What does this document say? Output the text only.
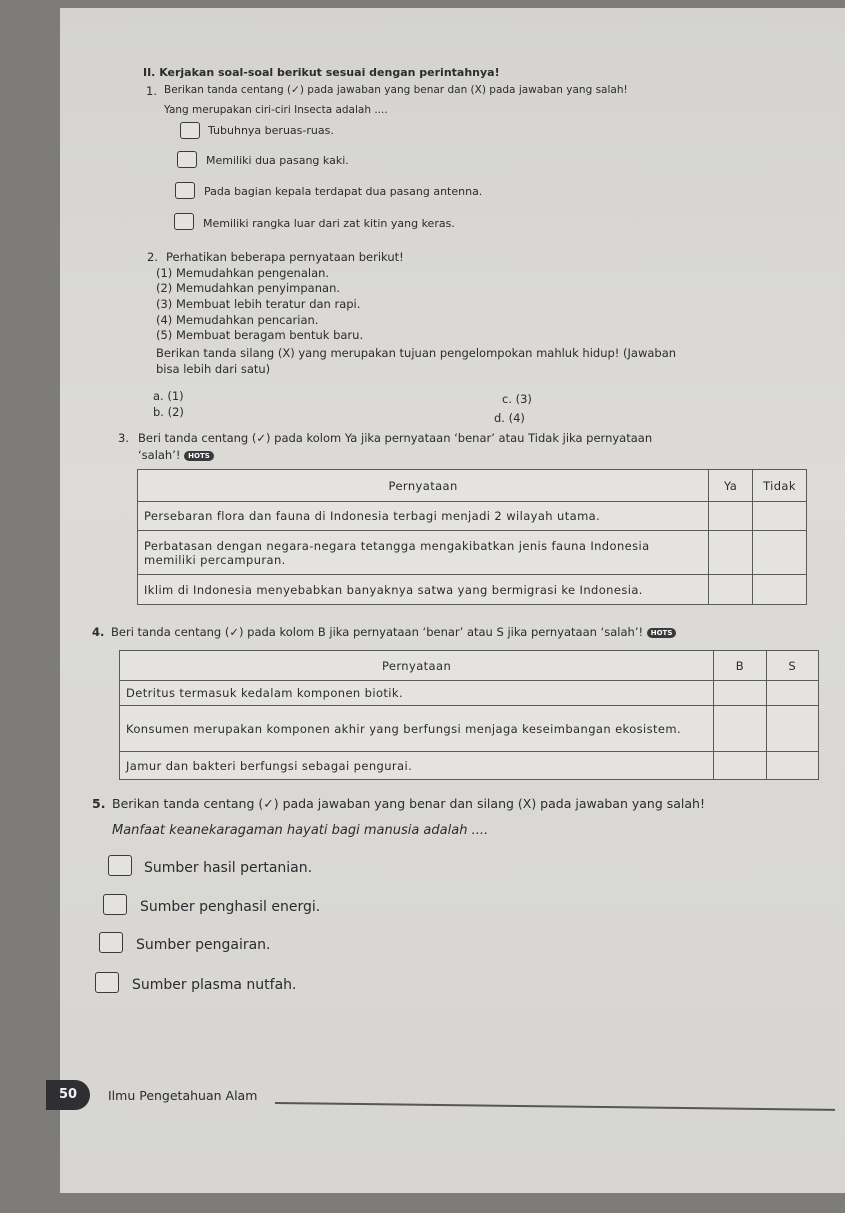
II. Kerjakan soal-soal berikut sesuai dengan perintahnya!
1. Berikan tanda centang (✓) pada jawaban yang benar dan (X) pada jawaban yang salah!
Yang merupakan ciri-ciri Insecta adalah ....
Tubuhnya beruas-ruas.
Memiliki dua pasang kaki.
Pada bagian kepala terdapat dua pasang antenna.
Memiliki rangka luar dari zat kitin yang keras.
2. Perhatikan beberapa pernyataan berikut!
(1) Memudahkan pengenalan.
(2) Memudahkan penyimpanan.
(3) Membuat lebih teratur dan rapi.
(4) Memudahkan pencarian.
(5) Membuat beragam bentuk baru.
Berikan tanda silang (X) yang merupakan tujuan pengelompokan mahluk hidup! (Jawaban
bisa lebih dari satu)
a. (1)
b. (2)
c. (3)
d. (4)
3. Beri tanda centang (✓) pada kolom Ya jika pernyataan ‘benar’ atau Tidak jika pernyataan
‘salah’! HOTS
Pernyataan	Ya	Tidak
Persebaran flora dan fauna di Indonesia terbagi menjadi 2 wilayah utama.		
Perbatasan dengan negara-negara tetangga mengakibatkan jenis fauna Indonesia memiliki percampuran.		
Iklim di Indonesia menyebabkan banyaknya satwa yang bermigrasi ke Indonesia.		
4. Beri tanda centang (✓) pada kolom B jika pernyataan ‘benar’ atau S jika pernyataan ‘salah’! HOTS
Pernyataan	B	S
Detritus termasuk kedalam komponen biotik.		
Konsumen merupakan komponen akhir yang berfungsi menjaga keseimbangan ekosistem.		
Jamur dan bakteri berfungsi sebagai pengurai.		
5. Berikan tanda centang (✓) pada jawaban yang benar dan silang (X) pada jawaban yang salah!
Manfaat keanekaragaman hayati bagi manusia adalah ....
Sumber hasil pertanian.
Sumber penghasil energi.
Sumber pengairan.
Sumber plasma nutfah.
50	Ilmu Pengetahuan Alam
